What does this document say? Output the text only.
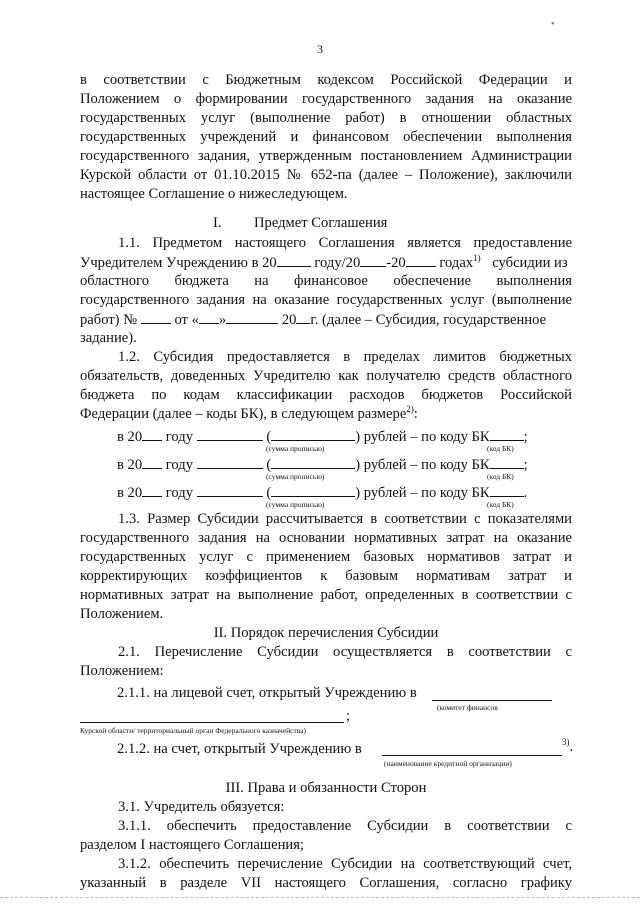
•
3
в соответствии с Бюджетным кодексом Российской Федерации и
Положением о формировании государственного задания на оказание
государственных услуг (выполнение работ) в отношении областных
государственных учреждений и финансовом обеспечении выполнения
государственного задания, утвержденным постановлением Администрации
Курской области от 01.10.2015 № 652-па (далее – Положение), заключили
настоящее Соглашение о нижеследующем.
I. Предмет Соглашения
1.1. Предметом настоящего Соглашения является предоставление
Учредителем Учреждению в 20	году/20 -20 годах$^{1)}$ субсидии из
областного бюджета на финансовое обеспечение выполнения
государственного задания на оказание государственных услуг (выполнение
работ) №	от « »	20 г. (далее – Субсидия, государственное
задание).
1.2. Субсидия предоставляется в пределах лимитов бюджетных
обязательств, доведенных Учредителю как получателю средств областного
бюджета по кодам классификации расходов бюджетов Российской
Федерации (далее – коды БК), в следующем размере$^{2)}$:
в 20 году	(	) рублей – по коду БК ;
(сумма прописью)	(код БК)
в 20 году	(	) рублей – по коду БК ;
(сумма прописью)	(код БК)
в 20 году	(	) рублей – по коду БК .
(сумма прописью)	(код БК)
1.3. Размер Субсидии рассчитывается в соответствии с показателями
государственного задания на основании нормативных затрат на оказание
государственных услуг с применением базовых нормативов затрат и
корректирующих коэффициентов к базовым нормативам затрат и
нормативных затрат на выполнение работ, определенных в соответствии с
Положением.
II. Порядок перечисления Субсидии
2.1. Перечисление Субсидии осуществляется в соответствии с
Положением:
2.1.1. на лицевой счет, открытый Учреждению в
(комитет финансов
;
Курской области/ территориальный орган Федерального казначейства)
2.1.2. на счет, открытый Учреждению в	$^{3)}$.
(наименование кредитной организации)
III. Права и обязанности Сторон
3.1. Учредитель обязуется:
3.1.1. обеспечить предоставление Субсидии в соответствии с
разделом I настоящего Соглашения;
3.1.2. обеспечить перечисление Субсидии на соответствующий счет,
указанный в разделе VII настоящего Соглашения, согласно графику
